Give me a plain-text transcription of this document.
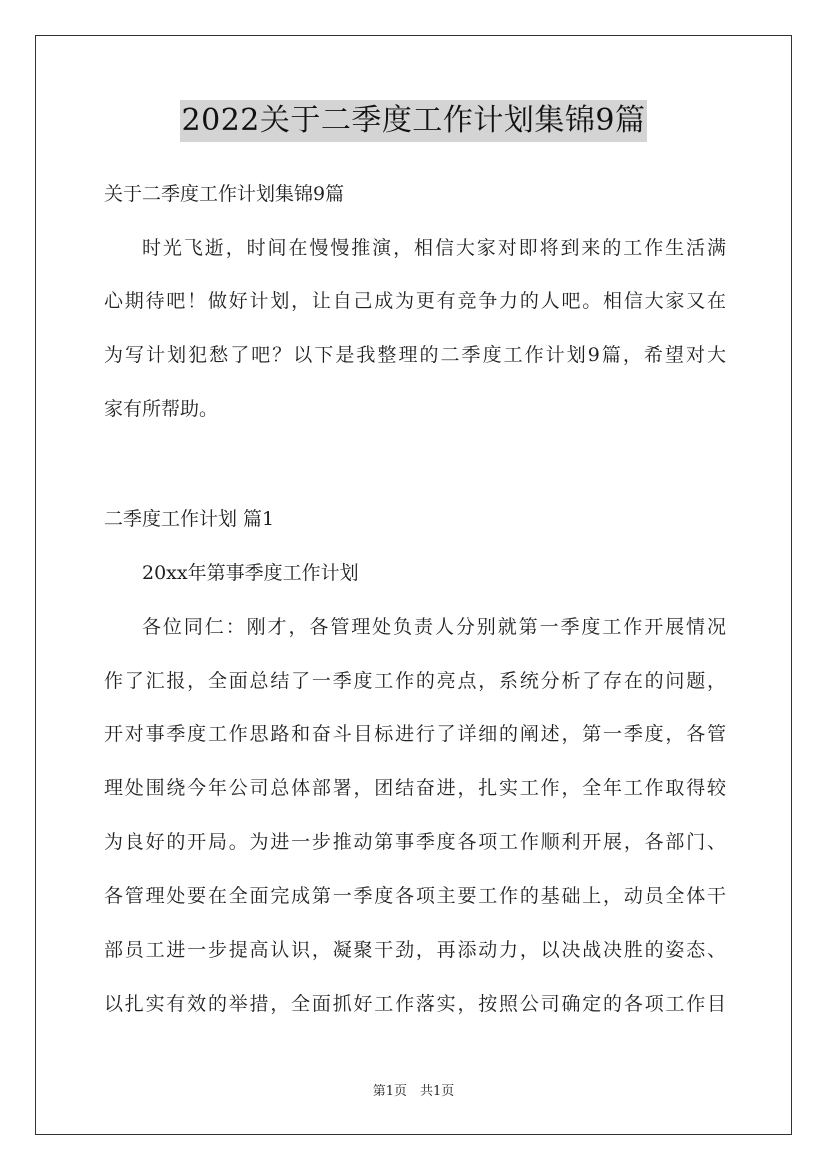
2022关于二季度工作计划集锦9篇
关于二季度工作计划集锦9篇
时光飞逝，时间在慢慢推演，相信大家对即将到来的工作生活满
心期待吧！做好计划，让自己成为更有竞争力的人吧。相信大家又在
为写计划犯愁了吧？以下是我整理的二季度工作计划9篇，希望对大
家有所帮助。
二季度工作计划 篇1
20xx年第事季度工作计划
各位同仁：刚才，各管理处负责人分别就第一季度工作开展情况
作了汇报，全面总结了一季度工作的亮点，系统分析了存在的问题，
开对事季度工作思路和奋斗目标进行了详细的阐述，第一季度，各管
理处围绕今年公司总体部署，团结奋进，扎实工作，全年工作取得较
为良好的开局。为进一步推动第事季度各项工作顺利开展，各部门、
各管理处要在全面完成第一季度各项主要工作的基础上，动员全体干
部员工进一步提高认识，凝聚干劲，再添动力，以决战决胜的姿态、
以扎实有效的举措，全面抓好工作落实，按照公司确定的各项工作目
第1页　共1页
